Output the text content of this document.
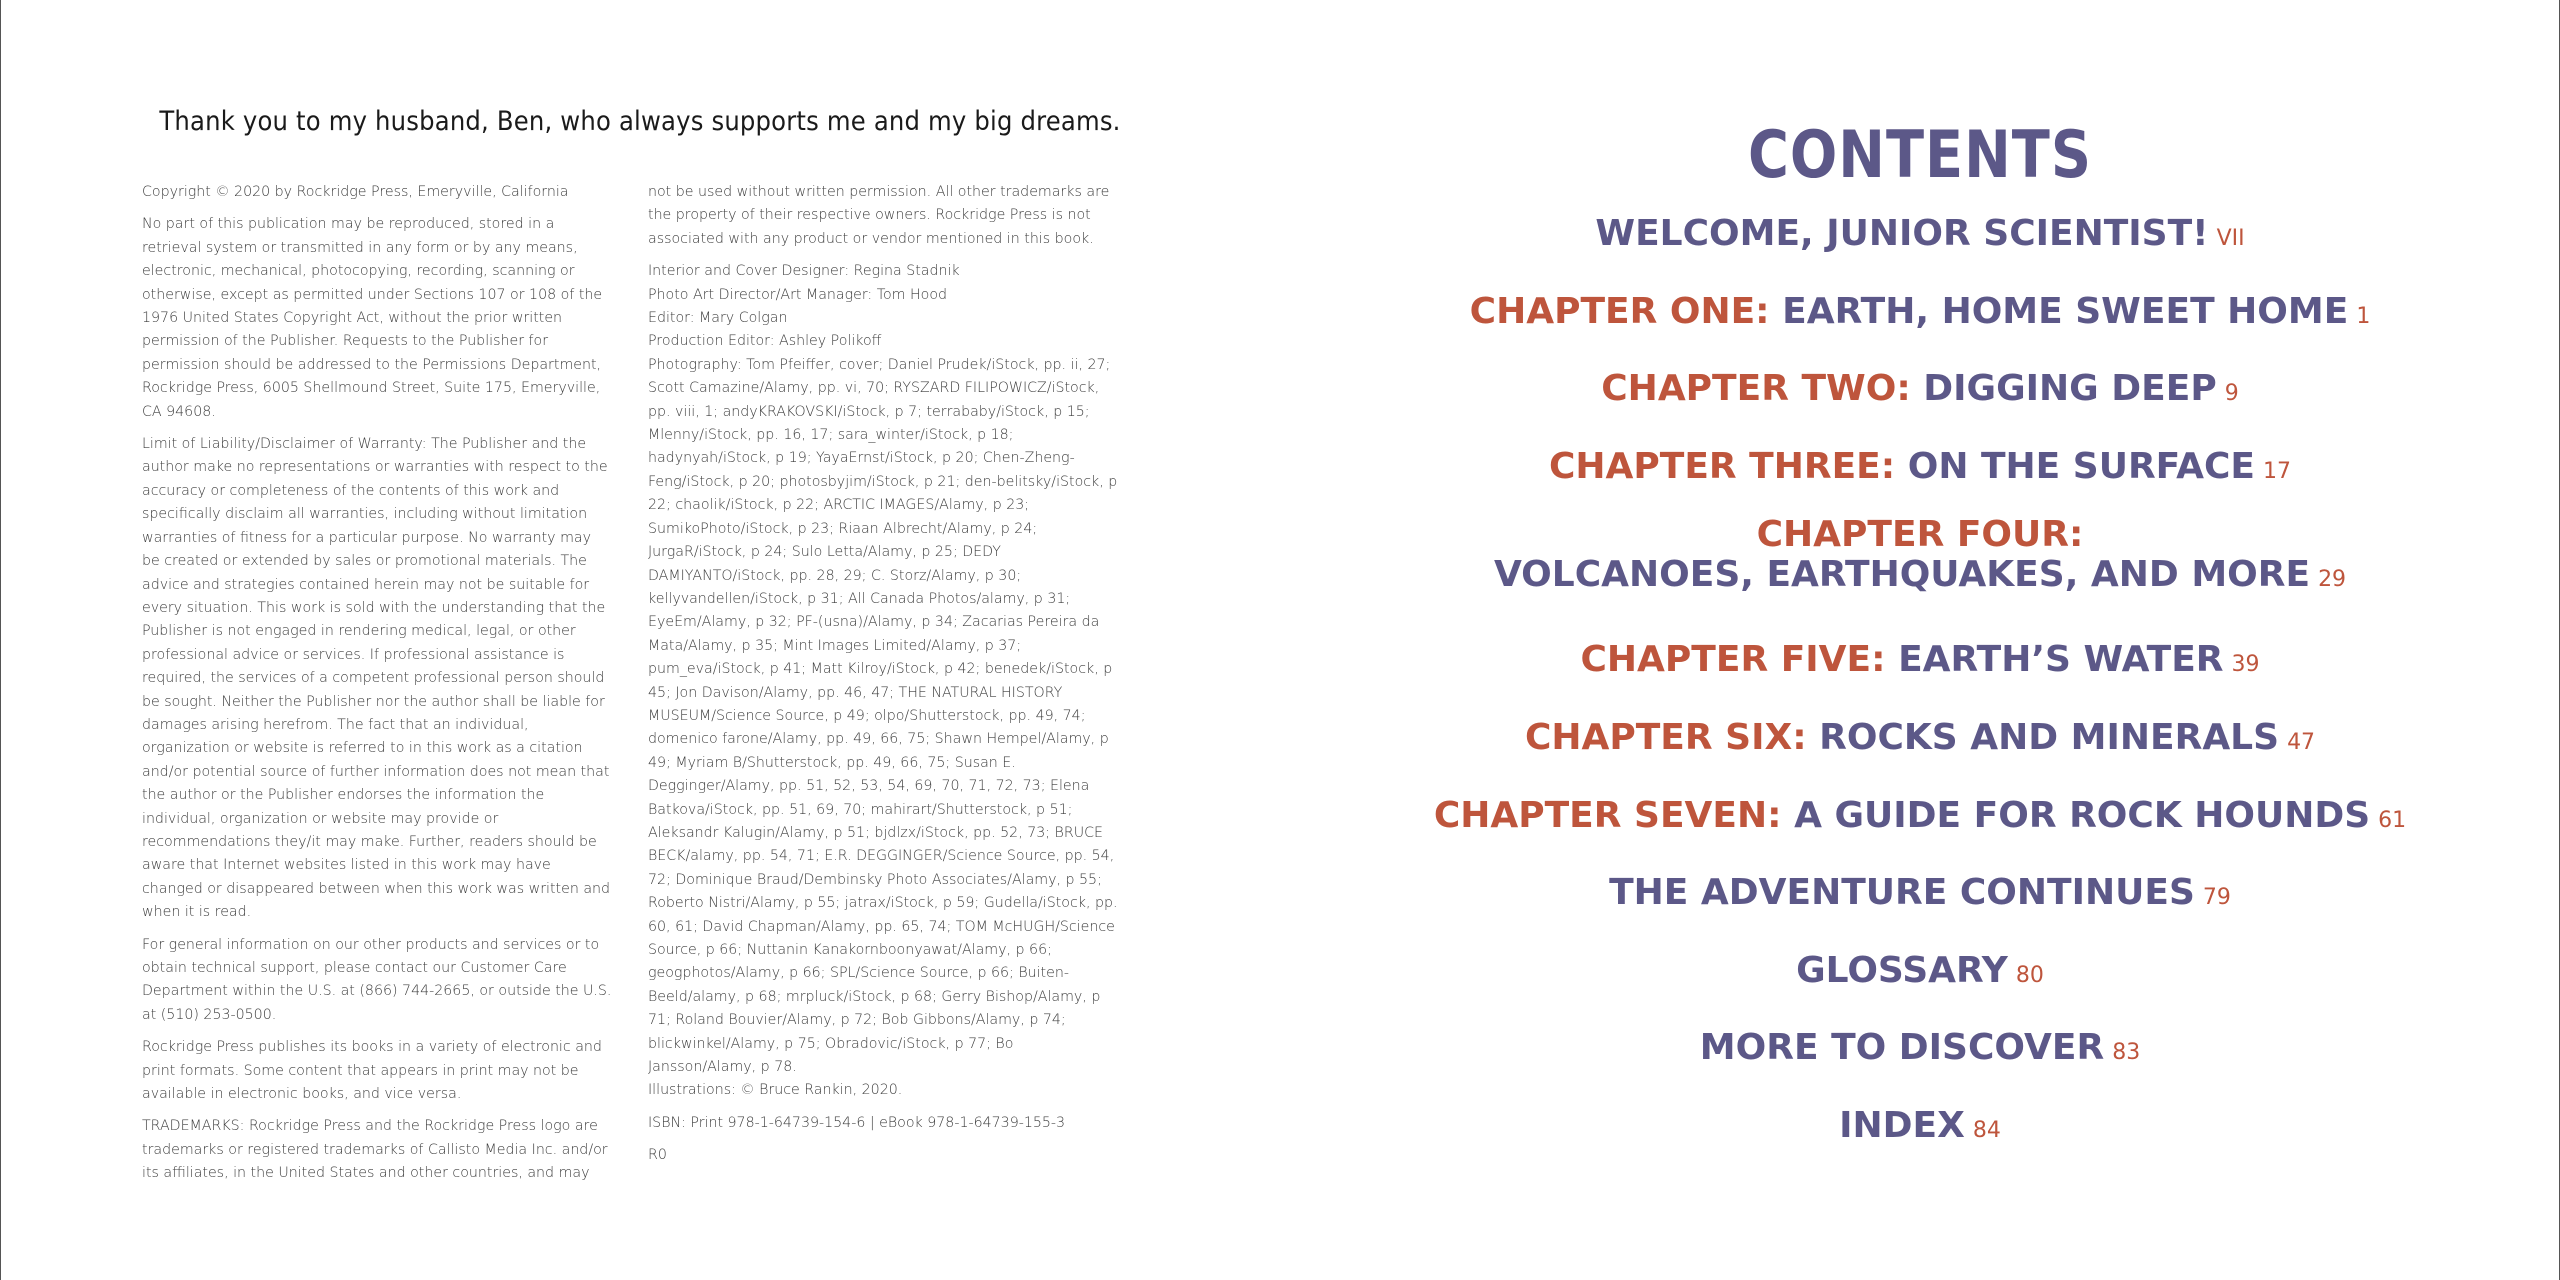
Thank you to my husband, Ben, who always supports me and my big dreams.

Copyright © 2020 by Rockridge Press, Emeryville, California

No part of this publication may be reproduced, stored in a retrieval system or transmitted in any form or by any means, electronic, mechanical, photocopying, recording, scanning or otherwise, except as permitted under Sections 107 or 108 of the 1976 United States Copyright Act, without the prior written permission of the Publisher. Requests to the Publisher for permission should be addressed to the Permissions Department, Rockridge Press, 6005 Shellmound Street, Suite 175, Emeryville, CA 94608.

Limit of Liability/Disclaimer of Warranty: The Publisher and the author make no representations or warranties with respect to the accuracy or completeness of the contents of this work and specifically disclaim all warranties, including without limitation warranties of fitness for a particular purpose. No warranty may be created or extended by sales or promotional materials. The advice and strategies contained herein may not be suitable for every situation. This work is sold with the understanding that the Publisher is not engaged in rendering medical, legal, or other professional advice or services. If professional assistance is required, the services of a competent professional person should be sought. Neither the Publisher nor the author shall be liable for damages arising herefrom. The fact that an individual, organization or website is referred to in this work as a citation and/or potential source of further information does not mean that the author or the Publisher endorses the information the individual, organization or website may provide or recommendations they/it may make. Further, readers should be aware that Internet websites listed in this work may have changed or disappeared between when this work was written and when it is read.

For general information on our other products and services or to obtain technical support, please contact our Customer Care Department within the U.S. at (866) 744-2665, or outside the U.S. at (510) 253-0500.

Rockridge Press publishes its books in a variety of electronic and print formats. Some content that appears in print may not be available in electronic books, and vice versa.

TRADEMARKS: Rockridge Press and the Rockridge Press logo are trademarks or registered trademarks of Callisto Media Inc. and/or its affiliates, in the United States and other countries, and may

not be used without written permission. All other trademarks are the property of their respective owners. Rockridge Press is not associated with any product or vendor mentioned in this book.

Interior and Cover Designer: Regina Stadnik

Photo Art Director/Art Manager: Tom Hood

Editor: Mary Colgan

Production Editor: Ashley Polikoff

Photography: Tom Pfeiffer, cover; Daniel Prudek/iStock, pp. ii, 27; Scott Camazine/Alamy, pp. vi, 70; RYSZARD FILIPOWICZ/iStock, pp. viii, 1; andyKRAKOVSKI/iStock, p 7; terrababy/iStock, p 15; Mlenny/iStock, pp. 16, 17; sara_winter/iStock, p 18; hadynyah/iStock, p 19; YayaErnst/iStock, p 20; Chen-Zheng-Feng/iStock, p 20; photosbyjim/iStock, p 21; den-belitsky/iStock, p 22; chaolik/iStock, p 22; ARCTIC IMAGES/Alamy, p 23; SumikoPhoto/iStock, p 23; Riaan Albrecht/Alamy, p 24; JurgaR/iStock, p 24; Sulo Letta/Alamy, p 25; DEDY DAMIYANTO/iStock, pp. 28, 29; C. Storz/Alamy, p 30; kellyvandellen/iStock, p 31; All Canada Photos/alamy, p 31; EyeEm/Alamy, p 32; PF-(usna)/Alamy, p 34; Zacarias Pereira da Mata/Alamy, p 35; Mint Images Limited/Alamy, p 37; pum_eva/iStock, p 41; Matt Kilroy/iStock, p 42; benedek/iStock, p 45; Jon Davison/Alamy, pp. 46, 47; THE NATURAL HISTORY MUSEUM/Science Source, p 49; olpo/Shutterstock, pp. 49, 74; domenico farone/Alamy, pp. 49, 66, 75; Shawn Hempel/Alamy, p 49; Myriam B/Shutterstock, pp. 49, 66, 75; Susan E. Degginger/Alamy, pp. 51, 52, 53, 54, 69, 70, 71, 72, 73; Elena Batkova/iStock, pp. 51, 69, 70; mahirart/Shutterstock, p 51; Aleksandr Kalugin/Alamy, p 51; bjdlzx/iStock, pp. 52, 73; BRUCE BECK/alamy, pp. 54, 71; E.R. DEGGINGER/Science Source, pp. 54, 72; Dominique Braud/Dembinsky Photo Associates/Alamy, p 55; Roberto Nistri/Alamy, p 55; jatrax/iStock, p 59; Gudella/iStock, pp. 60, 61; David Chapman/Alamy, pp. 65, 74; TOM McHUGH/Science Source, p 66; Nuttanin Kanakornboonyawat/Alamy, p 66; geogphotos/Alamy, p 66; SPL/Science Source, p 66; Buiten-Beeld/alamy, p 68; mrpluck/iStock, p 68; Gerry Bishop/Alamy, p 71; Roland Bouvier/Alamy, p 72; Bob Gibbons/Alamy, p 74; blickwinkel/Alamy, p 75; Obradovic/iStock, p 77; Bo Jansson/Alamy, p 78.

Illustrations: © Bruce Rankin, 2020.

ISBN: Print 978-1-64739-154-6 | eBook 978-1-64739-155-3

R0

CONTENTS
WELCOME, JUNIOR SCIENTIST! VII
CHAPTER ONE: EARTH, HOME SWEET HOME 1
CHAPTER TWO: DIGGING DEEP 9
CHAPTER THREE: ON THE SURFACE 17
CHAPTER FOUR:
VOLCANOES, EARTHQUAKES, AND MORE 29
CHAPTER FIVE: EARTH’S WATER 39
CHAPTER SIX: ROCKS AND MINERALS 47
CHAPTER SEVEN: A GUIDE FOR ROCK HOUNDS 61
THE ADVENTURE CONTINUES 79
GLOSSARY 80
MORE TO DISCOVER 83
INDEX 84
